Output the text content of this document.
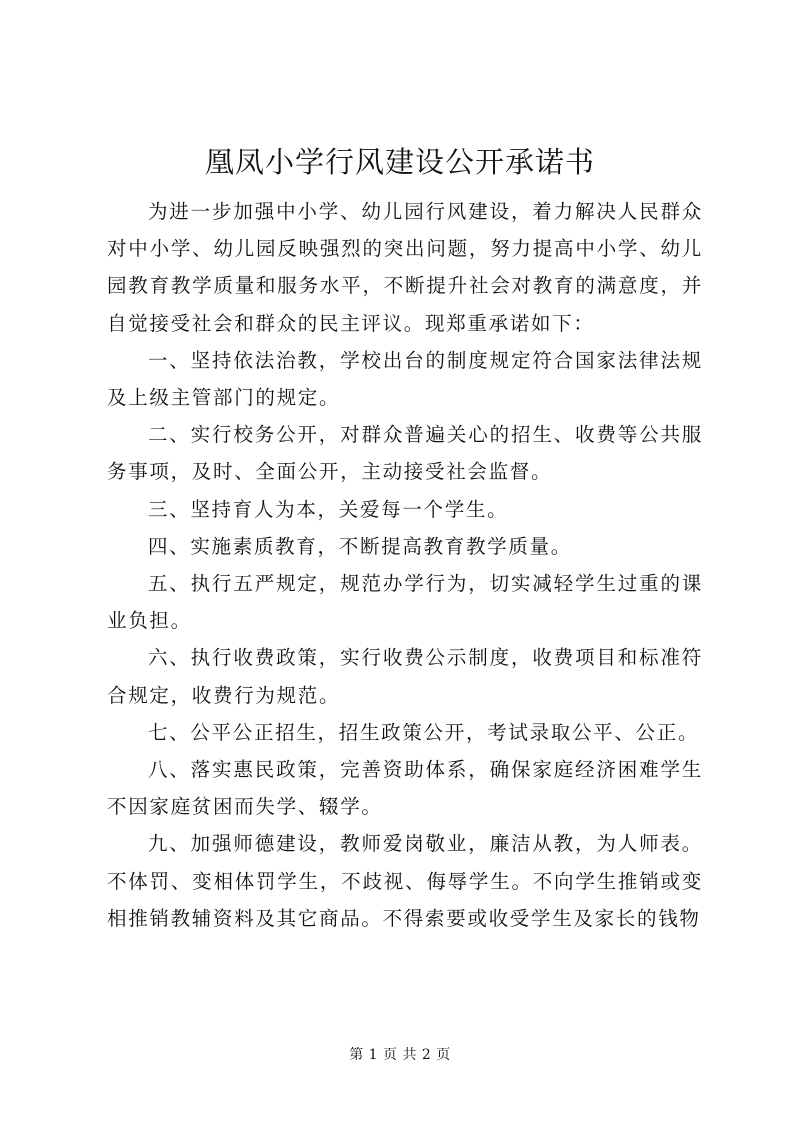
凰凤小学行风建设公开承诺书

为进一步加强中小学、幼儿园行风建设，着力解决人民群众对中小学、幼儿园反映强烈的突出问题，努力提高中小学、幼儿园教育教学质量和服务水平，不断提升社会对教育的满意度，并自觉接受社会和群众的民主评议。现郑重承诺如下：

一、坚持依法治教，学校出台的制度规定符合国家法律法规及上级主管部门的规定。

二、实行校务公开，对群众普遍关心的招生、收费等公共服务事项，及时、全面公开，主动接受社会监督。

三、坚持育人为本，关爱每一个学生。

四、实施素质教育，不断提高教育教学质量。

五、执行五严规定，规范办学行为，切实减轻学生过重的课业负担。

六、执行收费政策，实行收费公示制度，收费项目和标准符合规定，收费行为规范。

七、公平公正招生，招生政策公开，考试录取公平、公正。

八、落实惠民政策，完善资助体系，确保家庭经济困难学生不因家庭贫困而失学、辍学。

九、加强师德建设，教师爱岗敬业，廉洁从教，为人师表。不体罚、变相体罚学生，不歧视、侮辱学生。不向学生推销或变相推销教辅资料及其它商品。不得索要或收受学生及家长的钱物

第 1 页 共 2 页
